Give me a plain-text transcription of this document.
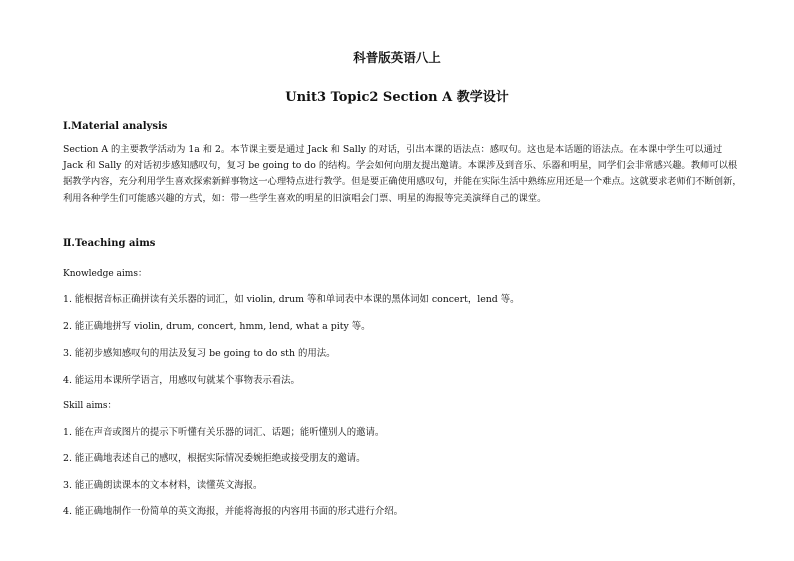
科普版英语八上
Unit3 Topic2 Section A 教学设计
Ⅰ.Material analysis

Section A 的主要教学活动为 1a 和 2。本节课主要是通过 Jack 和 Sally 的对话，引出本课的语法点：感叹句。这也是本话题的语法点。在本课中学生可以通过 Jack 和 Sally 的对话初步感知感叹句，复习 be going to do 的结构。学会如何向朋友提出邀请。本课涉及到音乐、乐器和明星，同学们会非常感兴趣。教师可以根据教学内容，充分利用学生喜欢探索新鲜事物这一心理特点进行教学。但是要正确使用感叹句，并能在实际生活中熟练应用还是一个难点。这就要求老师们不断创新，利用各种学生们可能感兴趣的方式，如：带一些学生喜欢的明星的旧演唱会门票、明星的海报等完美演绎自己的课堂。

Ⅱ.Teaching aims
Knowledge aims：

1. 能根据音标正确拼读有关乐器的词汇，如 violin, drum 等和单词表中本课的黑体词如 concert，lend 等。

2. 能正确地拼写 violin, drum, concert, hmm, lend, what a pity 等。

3. 能初步感知感叹句的用法及复习 be going to do sth 的用法。

4. 能运用本课所学语言，用感叹句就某个事物表示看法。

Skill aims：

1. 能在声音或图片的提示下听懂有关乐器的词汇、话题；能听懂别人的邀请。

2. 能正确地表述自己的感叹，根据实际情况委婉拒绝或接受朋友的邀请。

3. 能正确朗读课本的文本材料，读懂英文海报。

4. 能正确地制作一份简单的英文海报，并能将海报的内容用书面的形式进行介绍。
